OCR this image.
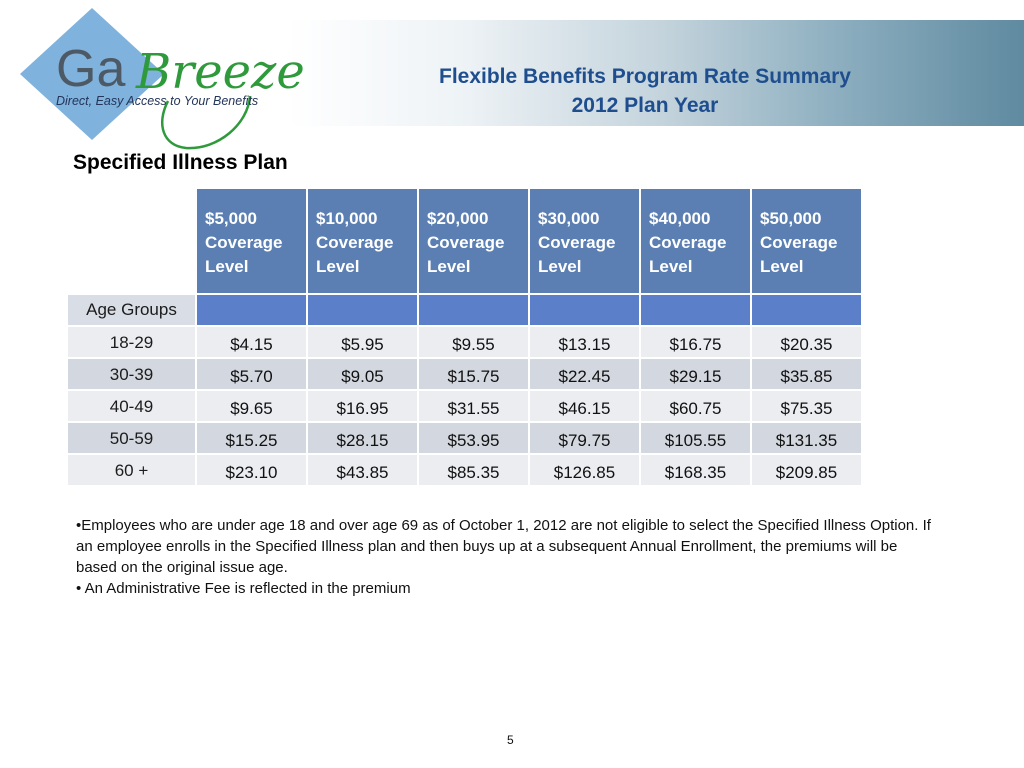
Ga Breeze
Direct, Easy Access to Your Benefits
Flexible Benefits Program Rate Summary
2012 Plan Year
Specified Illness Plan

	$5,000
Coverage
Level	$10,000
Coverage
Level	$20,000
Coverage
Level	$30,000
Coverage
Level	$40,000
Coverage
Level	$50,000
Coverage
Level

Age Groups						
18-29	$4.15	$5.95	$9.55	$13.15	$16.75	$20.35
30-39	$5.70	$9.05	$15.75	$22.45	$29.15	$35.85
40-49	$9.65	$16.95	$31.55	$46.15	$60.75	$75.35
50-59	$15.25	$28.15	$53.95	$79.75	$105.55	$131.35
60 +	$23.10	$43.85	$85.35	$126.85	$168.35	$209.85

•Employees who are under age 18 and over age 69 as of October 1, 2012 are not eligible to select the Specified Illness Option. If an employee enrolls in the Specified Illness plan and then buys up at a subsequent Annual Enrollment, the premiums will be based on the original issue age.

• An Administrative Fee is reflected in the premium

5
